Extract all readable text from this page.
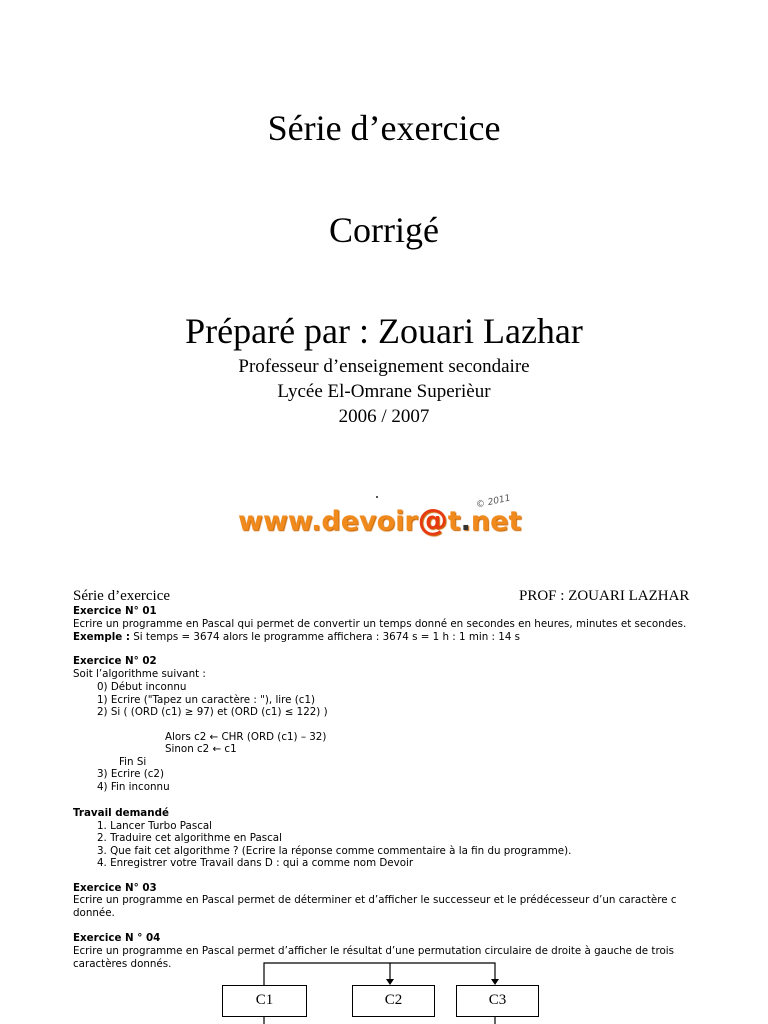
Série d’exercice
Corrigé
Préparé par : Zouari Lazhar
Professeur d’enseignement secondaire
Lycée El-Omrane Superièur
2006 / 2007
www.devoir@t.net
© 2011
Série d’exercice	PROF : ZOUARI LAZHAR
Exercice N° 01
Ecrire un programme en Pascal qui permet de convertir un temps donné en secondes en heures, minutes et secondes.
Exemple : Si temps = 3674 alors le programme affichera : 3674 s = 1 h : 1 min : 14 s
Exercice N° 02
Soit l’algorithme suivant :
0) Début inconnu
1) Ecrire ("Tapez un caractère : "), lire (c1)
2) Si ( (ORD (c1) ≥ 97) et (ORD (c1) ≤ 122) )
Alors c2 ← CHR (ORD (c1) – 32)
Sinon c2 ← c1
Fin Si
3) Ecrire (c2)
4) Fin inconnu
Travail demandé
1. Lancer Turbo Pascal
2. Traduire cet algorithme en Pascal
3. Que fait cet algorithme ? (Ecrire la réponse comme commentaire à la fin du programme).
4. Enregistrer votre Travail dans D : qui a comme nom Devoir
Exercice N° 03
Ecrire un programme en Pascal permet de déterminer et d’afficher le successeur et le prédécesseur d’un caractère c
donnée.
Exercice N ° 04
Ecrire un programme en Pascal permet d’afficher le résultat d’une permutation circulaire de droite à gauche de trois
caractères donnés.
C1	C2	C3
